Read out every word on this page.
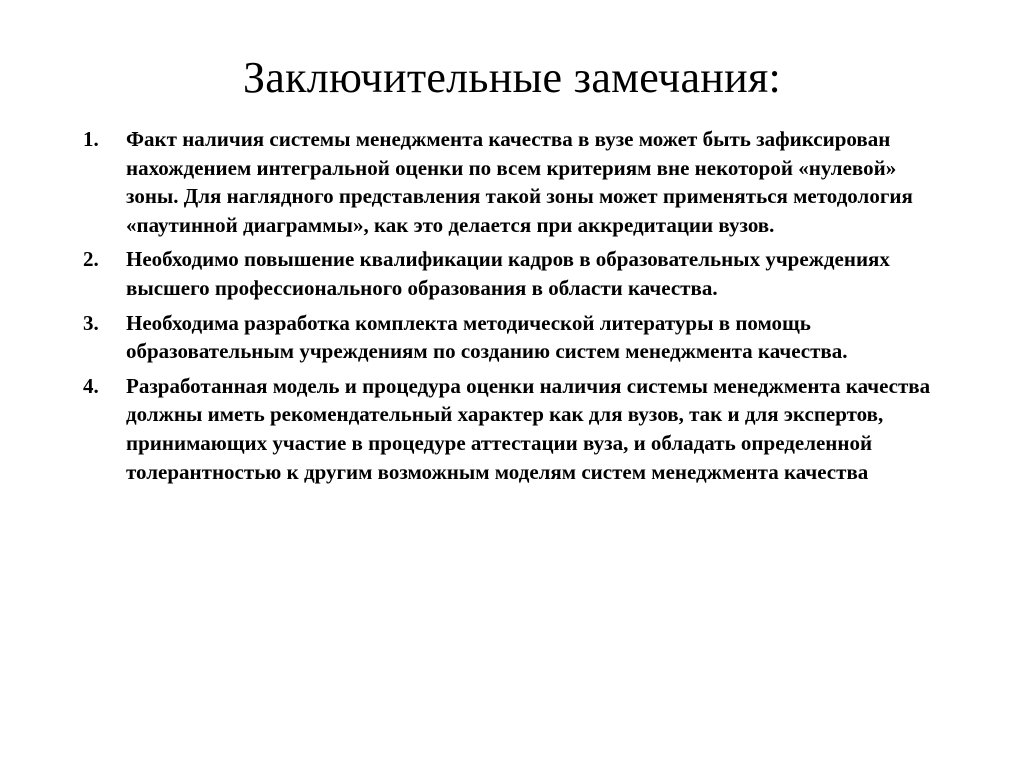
Заключительные замечания:
1.	Факт наличия системы менеджмента качества в вузе может быть зафиксирован нахождением интегральной оценки по всем критериям вне некоторой «нулевой» зоны. Для наглядного представления такой зоны может применяться методология «паутинной диаграммы», как это делается при аккредитации вузов.
2.	Необходимо повышение квалификации кадров в образовательных учреждениях высшего профессионального образования в области качества.
3.	Необходима разработка комплекта методической литературы в помощь образовательным учреждениям по созданию систем менеджмента качества.
4.	Разработанная модель и процедура оценки наличия системы менеджмента качества должны иметь рекомендательный характер как для вузов, так и для экспертов, принимающих участие в процедуре аттестации вуза, и обладать определенной толерантностью к другим возможным моделям систем менеджмента качества
